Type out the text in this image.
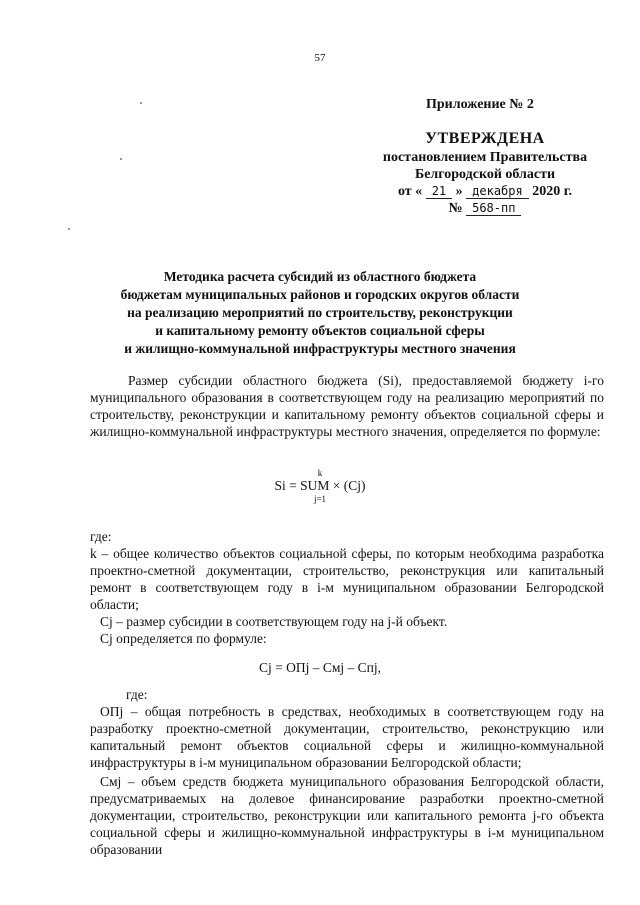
57
Приложение № 2
УТВЕРЖДЕНА
постановлением Правительства
Белгородской области
от « 21 » декабря 2020 г.
№ 568-пп
Методика расчета субсидий из областного бюджета
бюджетам муниципальных районов и городских округов области
на реализацию мероприятий по строительству, реконструкции
и капитальному ремонту объектов социальной сферы
и жилищно-коммунальной инфраструктуры местного значения
Размер субсидии областного бюджета (Si), предоставляемой бюджету i-го муниципального образования в соответствующем году на реализацию мероприятий по строительству, реконструкции и капитальному ремонту объектов социальной сферы и жилищно-коммунальной инфраструктуры местного значения, определяется по формуле:
k
Si = SUM × (Cj)
j=1
где:
k – общее количество объектов социальной сферы, по которым необходима разработка проектно-сметной документации, строительство, реконструкция или капитальный ремонт в соответствующем году в i-м муниципальном образовании Белгородской области;
Cj – размер субсидии в соответствующем году на j-й объект.
Cj определяется по формуле:
Cj = OПj – Cмj – Cпj,
где:
OПj – общая потребность в средствах, необходимых в соответствующем году на разработку проектно-сметной документации, строительство, реконструкцию или капитальный ремонт объектов социальной сферы и жилищно-коммунальной инфраструктуры в i-м муниципальном образовании Белгородской области;
Cмj – объем средств бюджета муниципального образования Белгородской области, предусматриваемых на долевое финансирование разработки проектно-сметной документации, строительство, реконструкции или капитального ремонта j-го объекта социальной сферы и жилищно-коммунальной инфраструктуры в i-м муниципальном образовании
